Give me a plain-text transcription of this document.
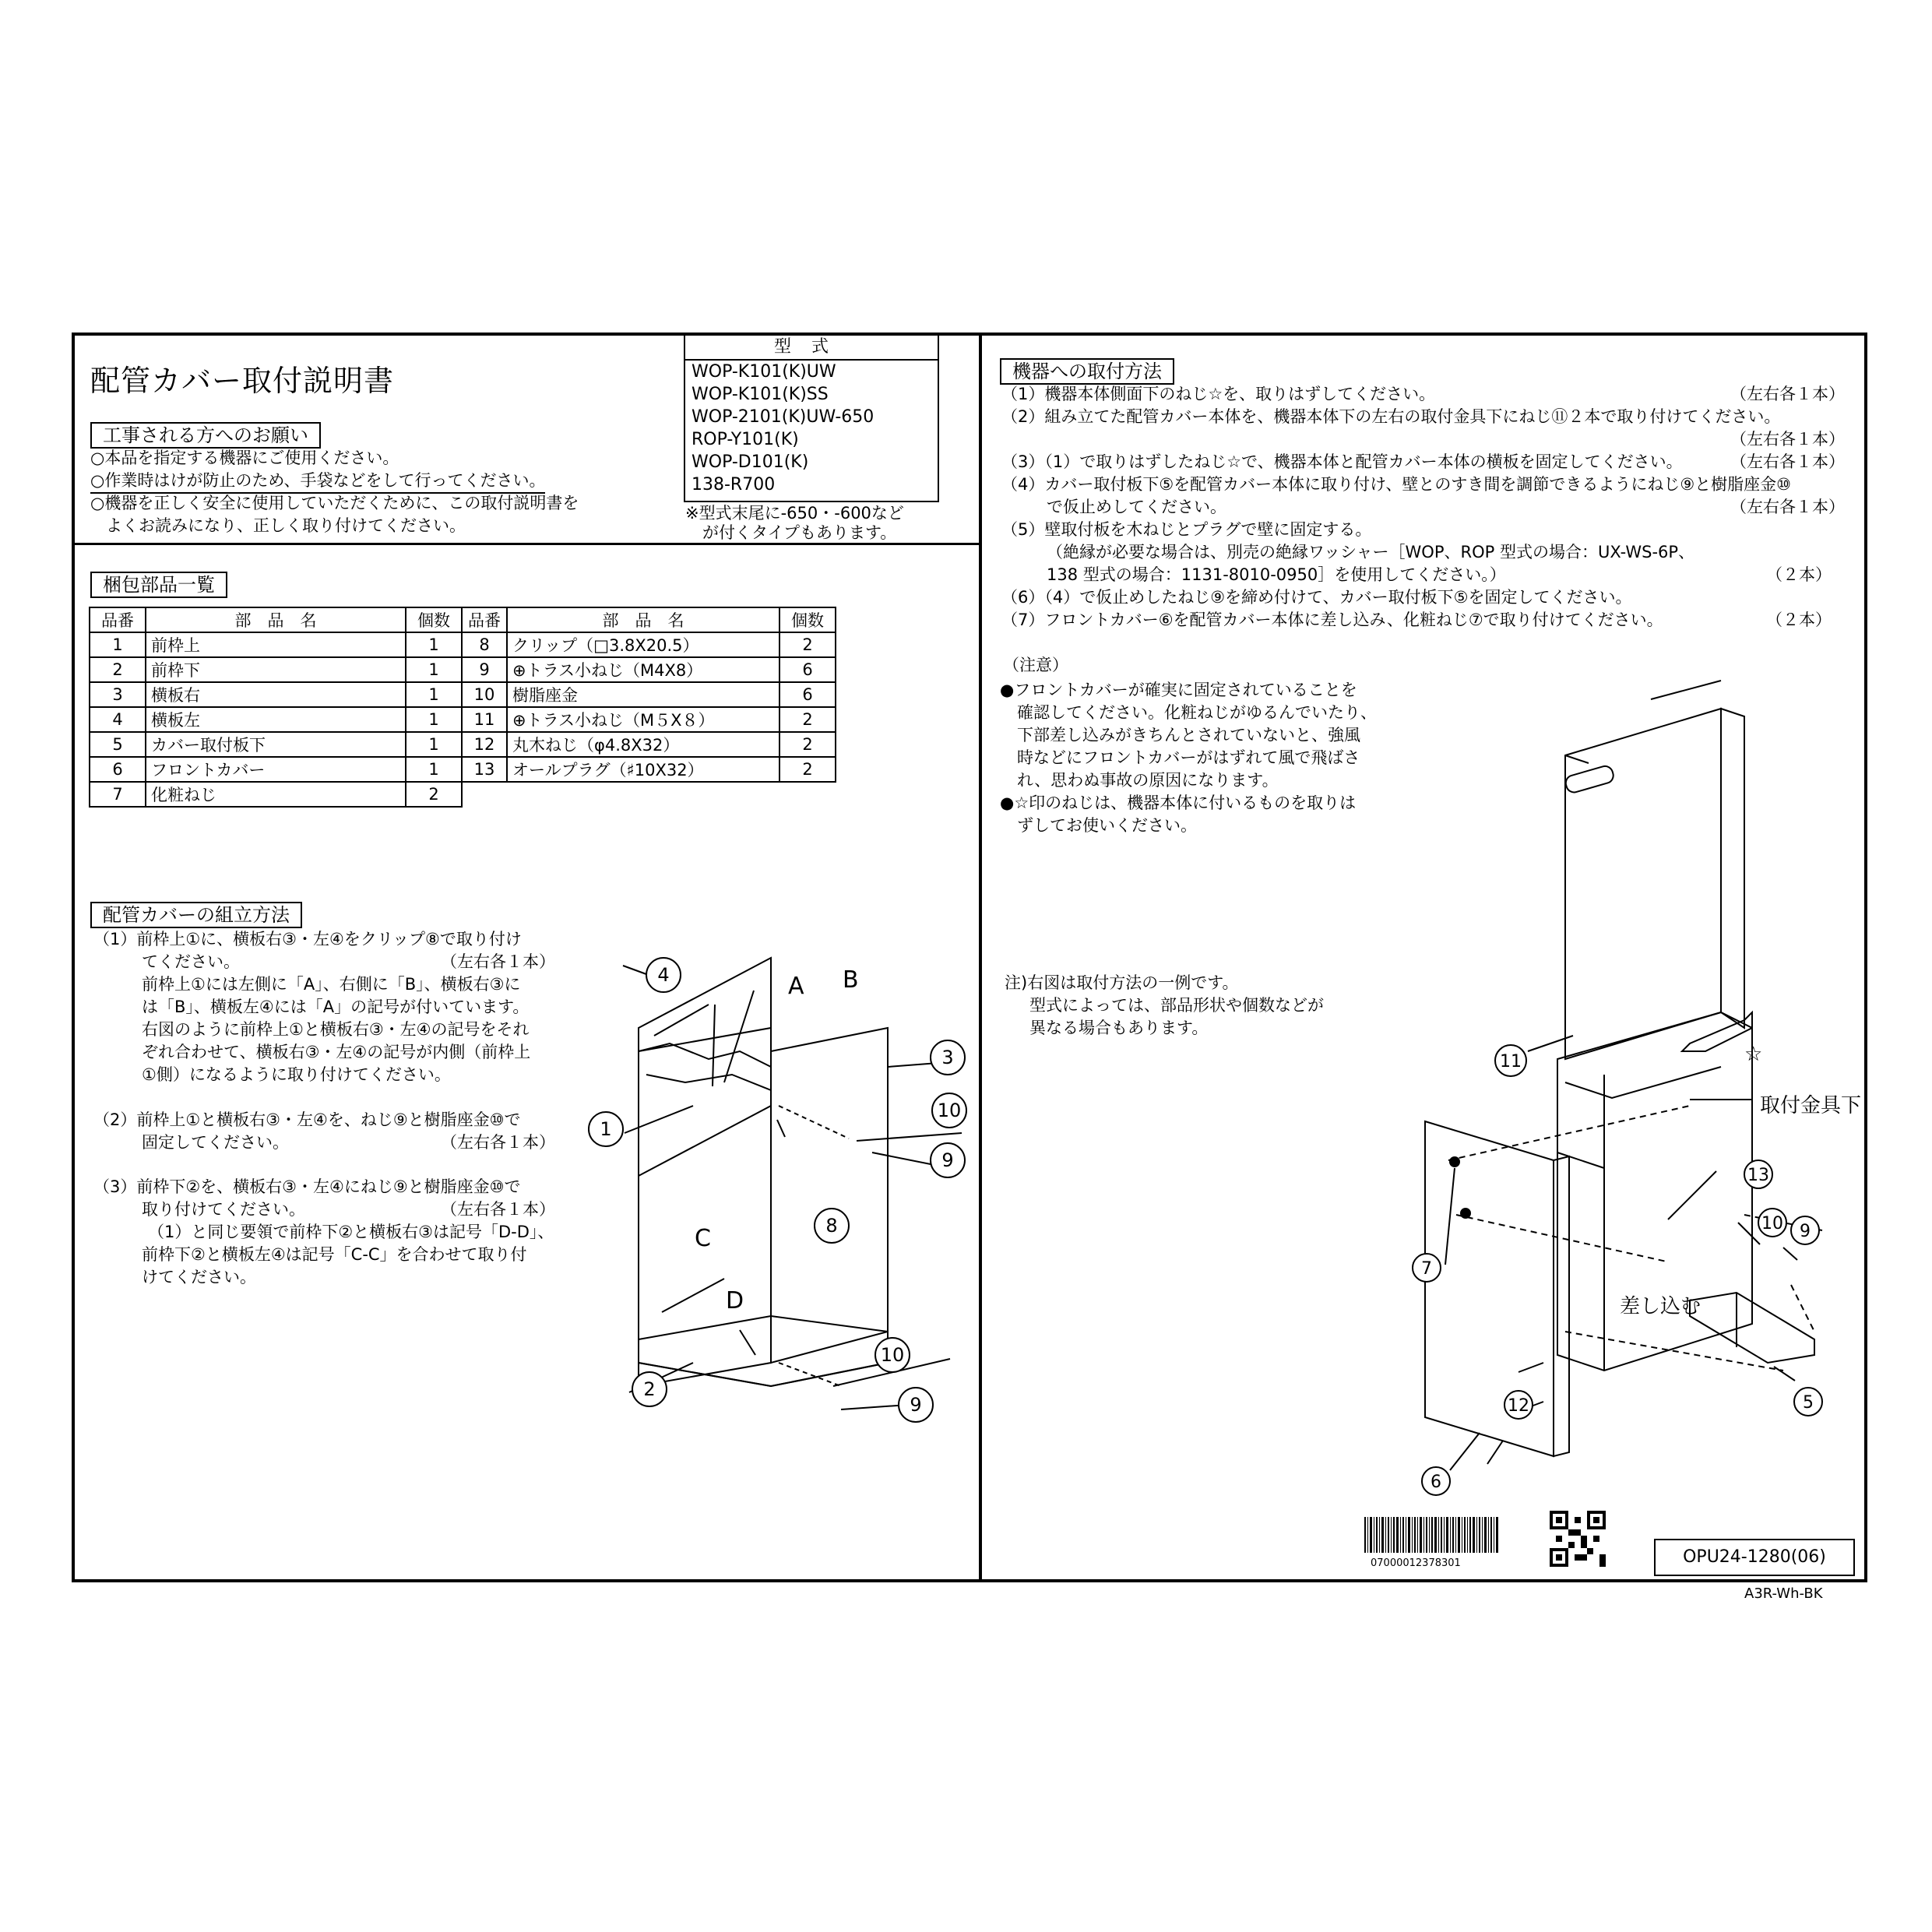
配管カバー取付説明書
型式
WOP-K101(K)UW
WOP-K101(K)SS
WOP-2101(K)UW-650
ROP-Y101(K)
WOP-D101(K)
138-R700
※型式末尾に-650・-600など
が付くタイプもあります。
工事される方へのお願い
○本品を指定する機器にご使用ください。
○作業時はけが防止のため、手袋などをして行ってください。
○機器を正しく安全に使用していただくために、この取付説明書を
よくお読みになり、正しく取り付けてください。
梱包部品一覧
品番	部　品　名	個数	品番	部　品　名	個数
1	前枠上	1	8	クリップ（□3.8X20.5）	2
2	前枠下	1	9	⊕トラス小ねじ（M4X8）	6
3	横板右	1	10	樹脂座金	6
4	横板左	1	11	⊕トラス小ねじ（M５X８）	2
5	カバー取付板下	1	12	丸木ねじ（φ4.8X32）	2
6	フロントカバー	1	13	オールプラグ（♯10X32）	2
7	化粧ねじ	2			
配管カバーの組立方法
（1）前枠上①に、横板右③・左④をクリップ⑧で取り付け
てください。	（左右各１本）
前枠上①には左側に「A」、右側に「B」、横板右③に
は「B」、横板左④には「A」の記号が付いています。
右図のように前枠上①と横板右③・左④の記号をそれ
ぞれ合わせて、横板右③・左④の記号が内側（前枠上
①側）になるように取り付けてください。
（2）前枠上①と横板右③・左④を、ねじ⑨と樹脂座金⑩で
固定してください。	（左右各１本）
（3）前枠下②を、横板右③・左④にねじ⑨と樹脂座金⑩で
取り付けてください。	（左右各１本）
（1）と同じ要領で前枠下②と横板右③は記号「D-D」、
前枠下②と横板左④は記号「C-C」を合わせて取り付
けてください。
4
1
3
10
9
8
2
10
9
A B
C
D
機器への取付方法
（1）機器本体側面下のねじ☆を、取りはずしてください。	（左右各１本）
（2）組み立てた配管カバー本体を、機器本体下の左右の取付金具下にねじ⑪２本で取り付けてください。
（左右各１本）
（3）（1）で取りはずしたねじ☆で、機器本体と配管カバー本体の横板を固定してください。	（左右各１本）
（4）カバー取付板下⑤を配管カバー本体に取り付け、壁とのすき間を調節できるようにねじ⑨と樹脂座金⑩
で仮止めしてください。	（左右各１本）
（5）壁取付板を木ねじとプラグで壁に固定する。
（絶縁が必要な場合は、別売の絶縁ワッシャー［WOP、ROP 型式の場合：UX-WS-6P、
138 型式の場合：1131-8010-0950］を使用してください。）	（２本）
（6）（4）で仮止めしたねじ⑨を締め付けて、カバー取付板下⑤を固定してください。
（7）フロントカバー⑥を配管カバー本体に差し込み、化粧ねじ⑦で取り付けてください。	（２本）
（注意）
●フロントカバーが確実に固定されていることを
確認してください。化粧ねじがゆるんでいたり、
下部差し込みがきちんとされていないと、強風
時などにフロントカバーがはずれて風で飛ばさ
れ、思わぬ事故の原因になります。
●☆印のねじは、機器本体に付いるものを取りは
ずしてお使いください。
注)右図は取付方法の一例です。
型式によっては、部品形状や個数などが
異なる場合もあります。
11
7
6
13
10 9
12	5
☆
取付金具下
差し込む
07000012378301	OPU24-1280(06)
A3R-Wh-BK
